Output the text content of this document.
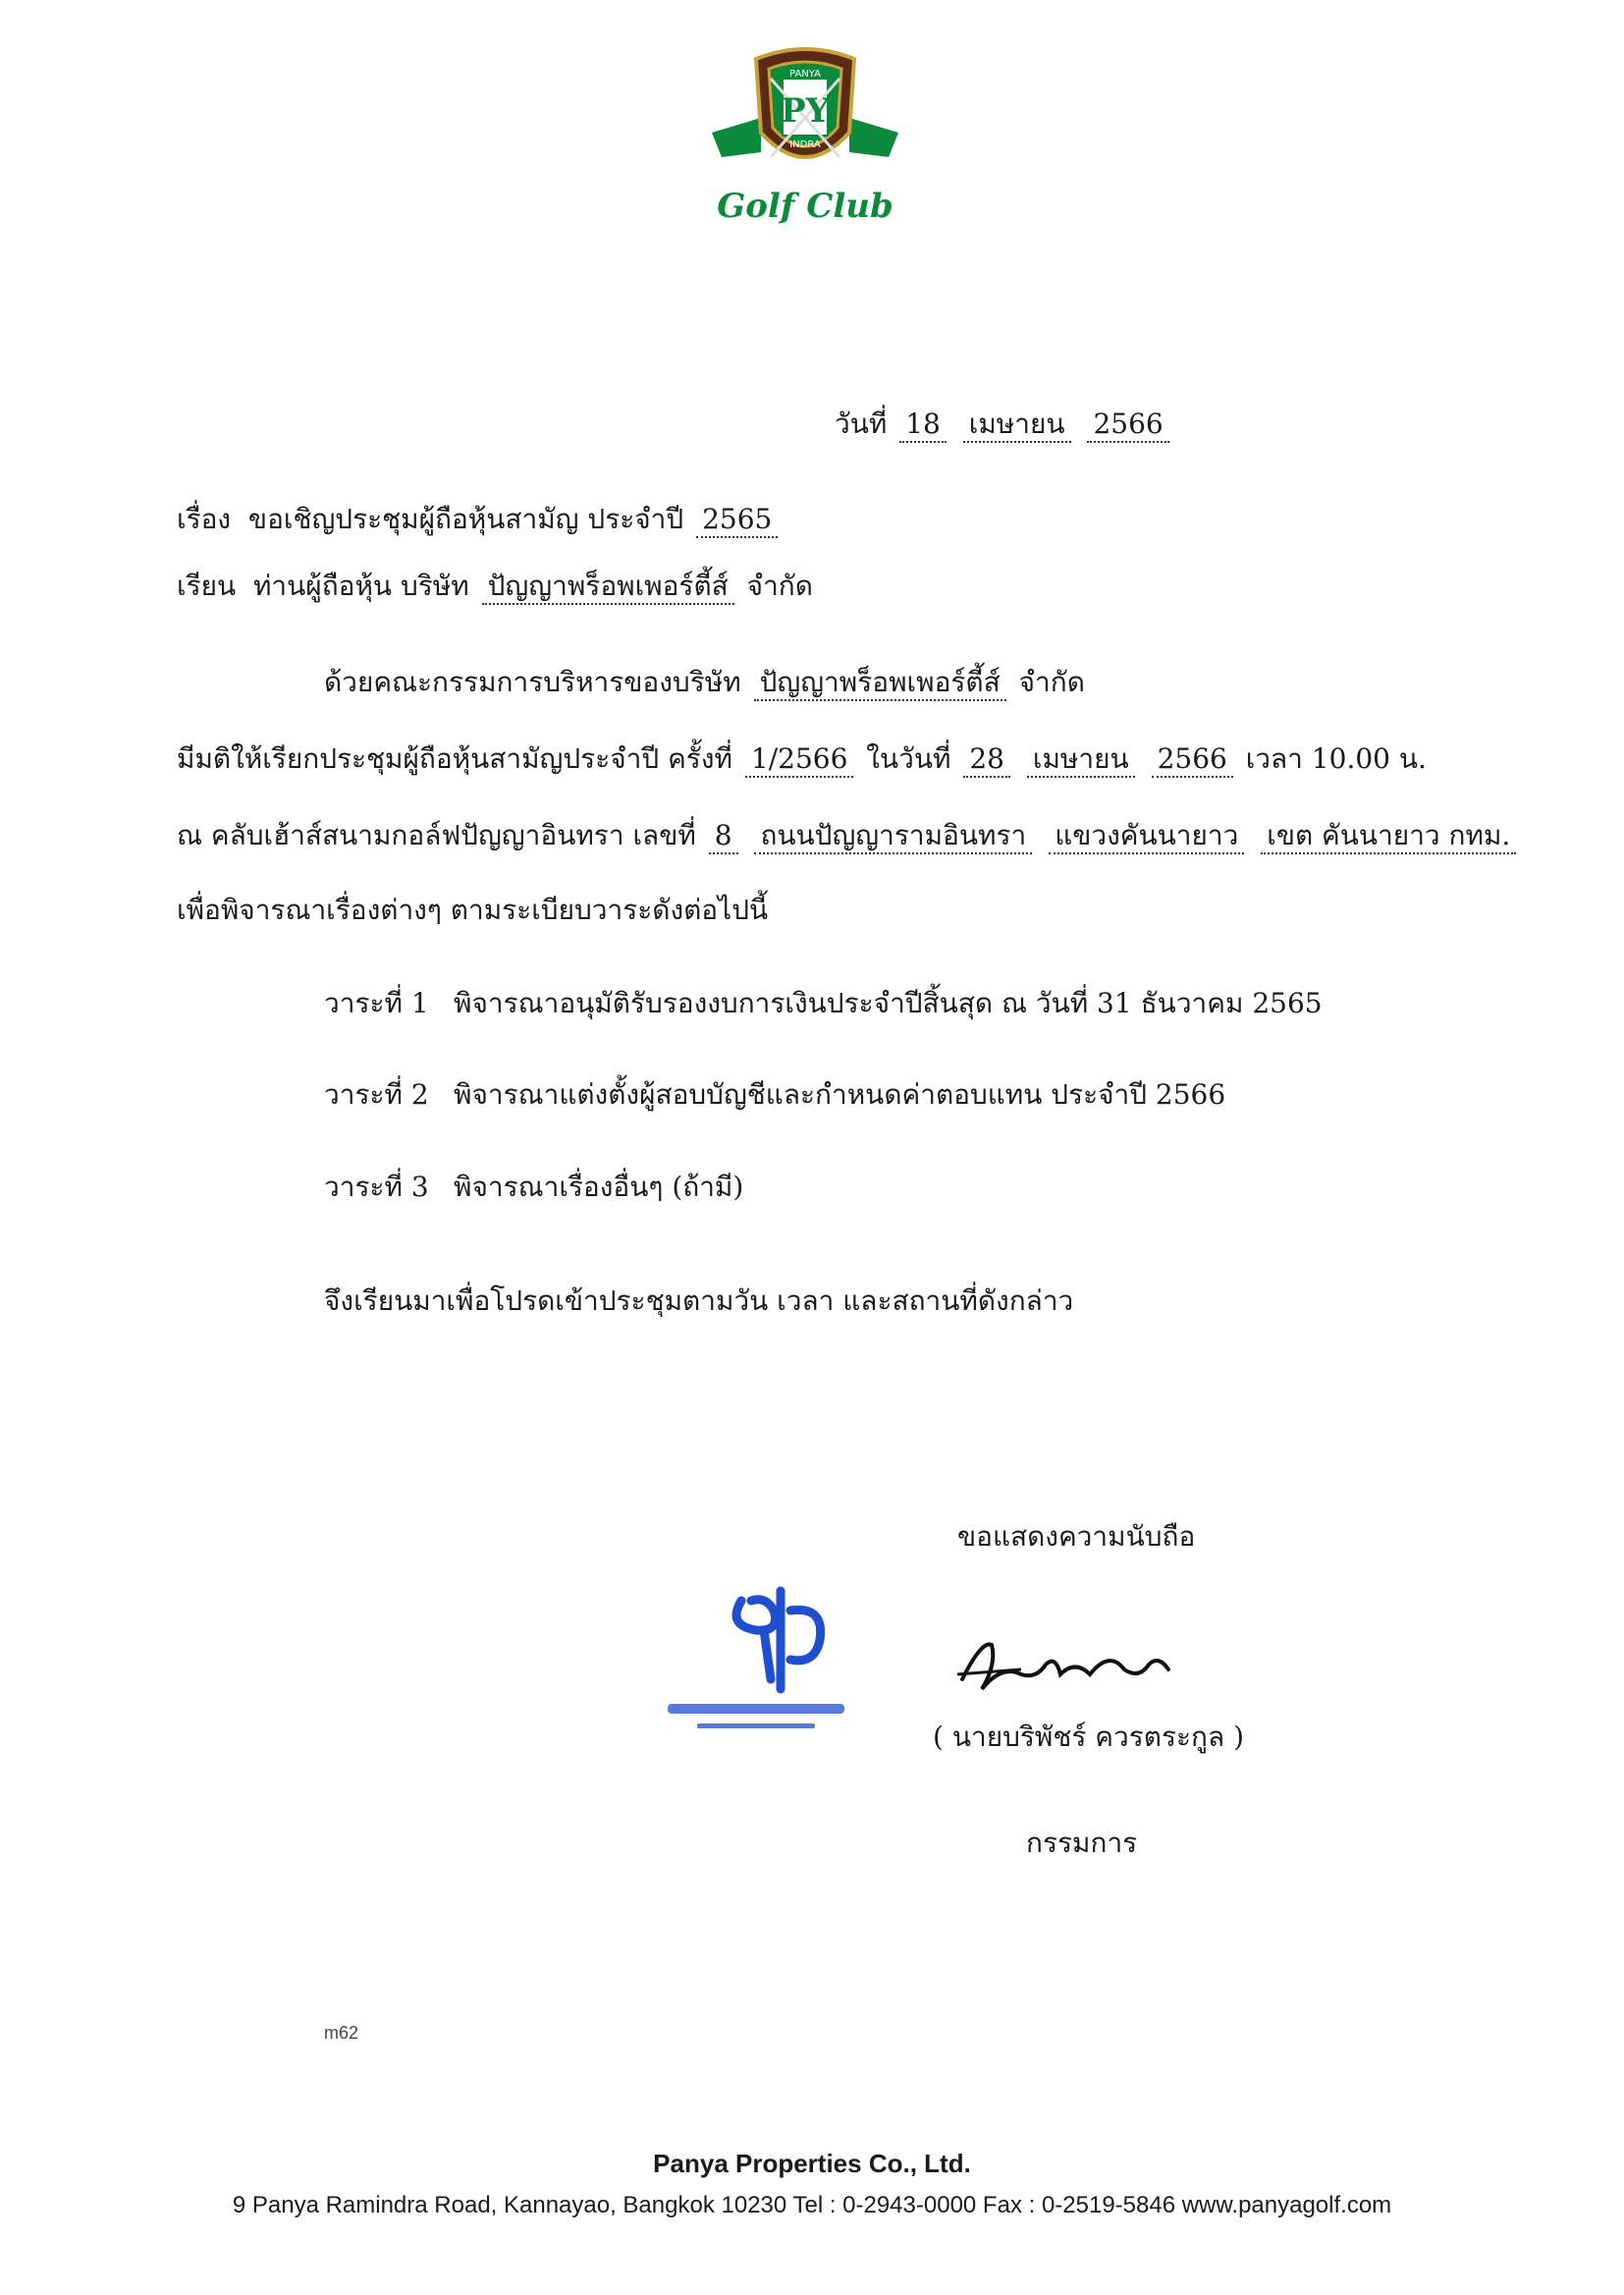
PANYA
PY
INDRA
Golf Club
วันที่ 18 เมษายน 2566
เรื่อง ขอเชิญประชุมผู้ถือหุ้นสามัญ ประจำปี 2565
เรียน ท่านผู้ถือหุ้น บริษัท ปัญญาพร็อพเพอร์ตี้ส์ จำกัด
ด้วยคณะกรรมการบริหารของบริษัท ปัญญาพร็อพเพอร์ตี้ส์ จำกัด
มีมติให้เรียกประชุมผู้ถือหุ้นสามัญประจำปี ครั้งที่ 1/2566 ในวันที่ 28 เมษายน 2566 เวลา 10.00 น.
ณ คลับเฮ้าส์สนามกอล์ฟปัญญาอินทรา เลขที่ 8 ถนนปัญญารามอินทรา แขวงคันนายาว เขต คันนายาว กทม.
เพื่อพิจารณาเรื่องต่างๆ ตามระเบียบวาระดังต่อไปนี้
วาระที่ 1 พิจารณาอนุมัติรับรองงบการเงินประจำปีสิ้นสุด ณ วันที่ 31 ธันวาคม 2565
วาระที่ 2 พิจารณาแต่งตั้งผู้สอบบัญชีและกำหนดค่าตอบแทน ประจำปี 2566
วาระที่ 3 พิจารณาเรื่องอื่นๆ (ถ้ามี)
จึงเรียนมาเพื่อโปรดเข้าประชุมตามวัน เวลา และสถานที่ดังกล่าว
ขอแสดงความนับถือ
( นายบริพัชร์ ควรตระกูล )
กรรมการ
m62
Panya Properties Co., Ltd.
9 Panya Ramindra Road, Kannayao, Bangkok 10230 Tel : 0-2943-0000 Fax : 0-2519-5846 www.panyagolf.com
